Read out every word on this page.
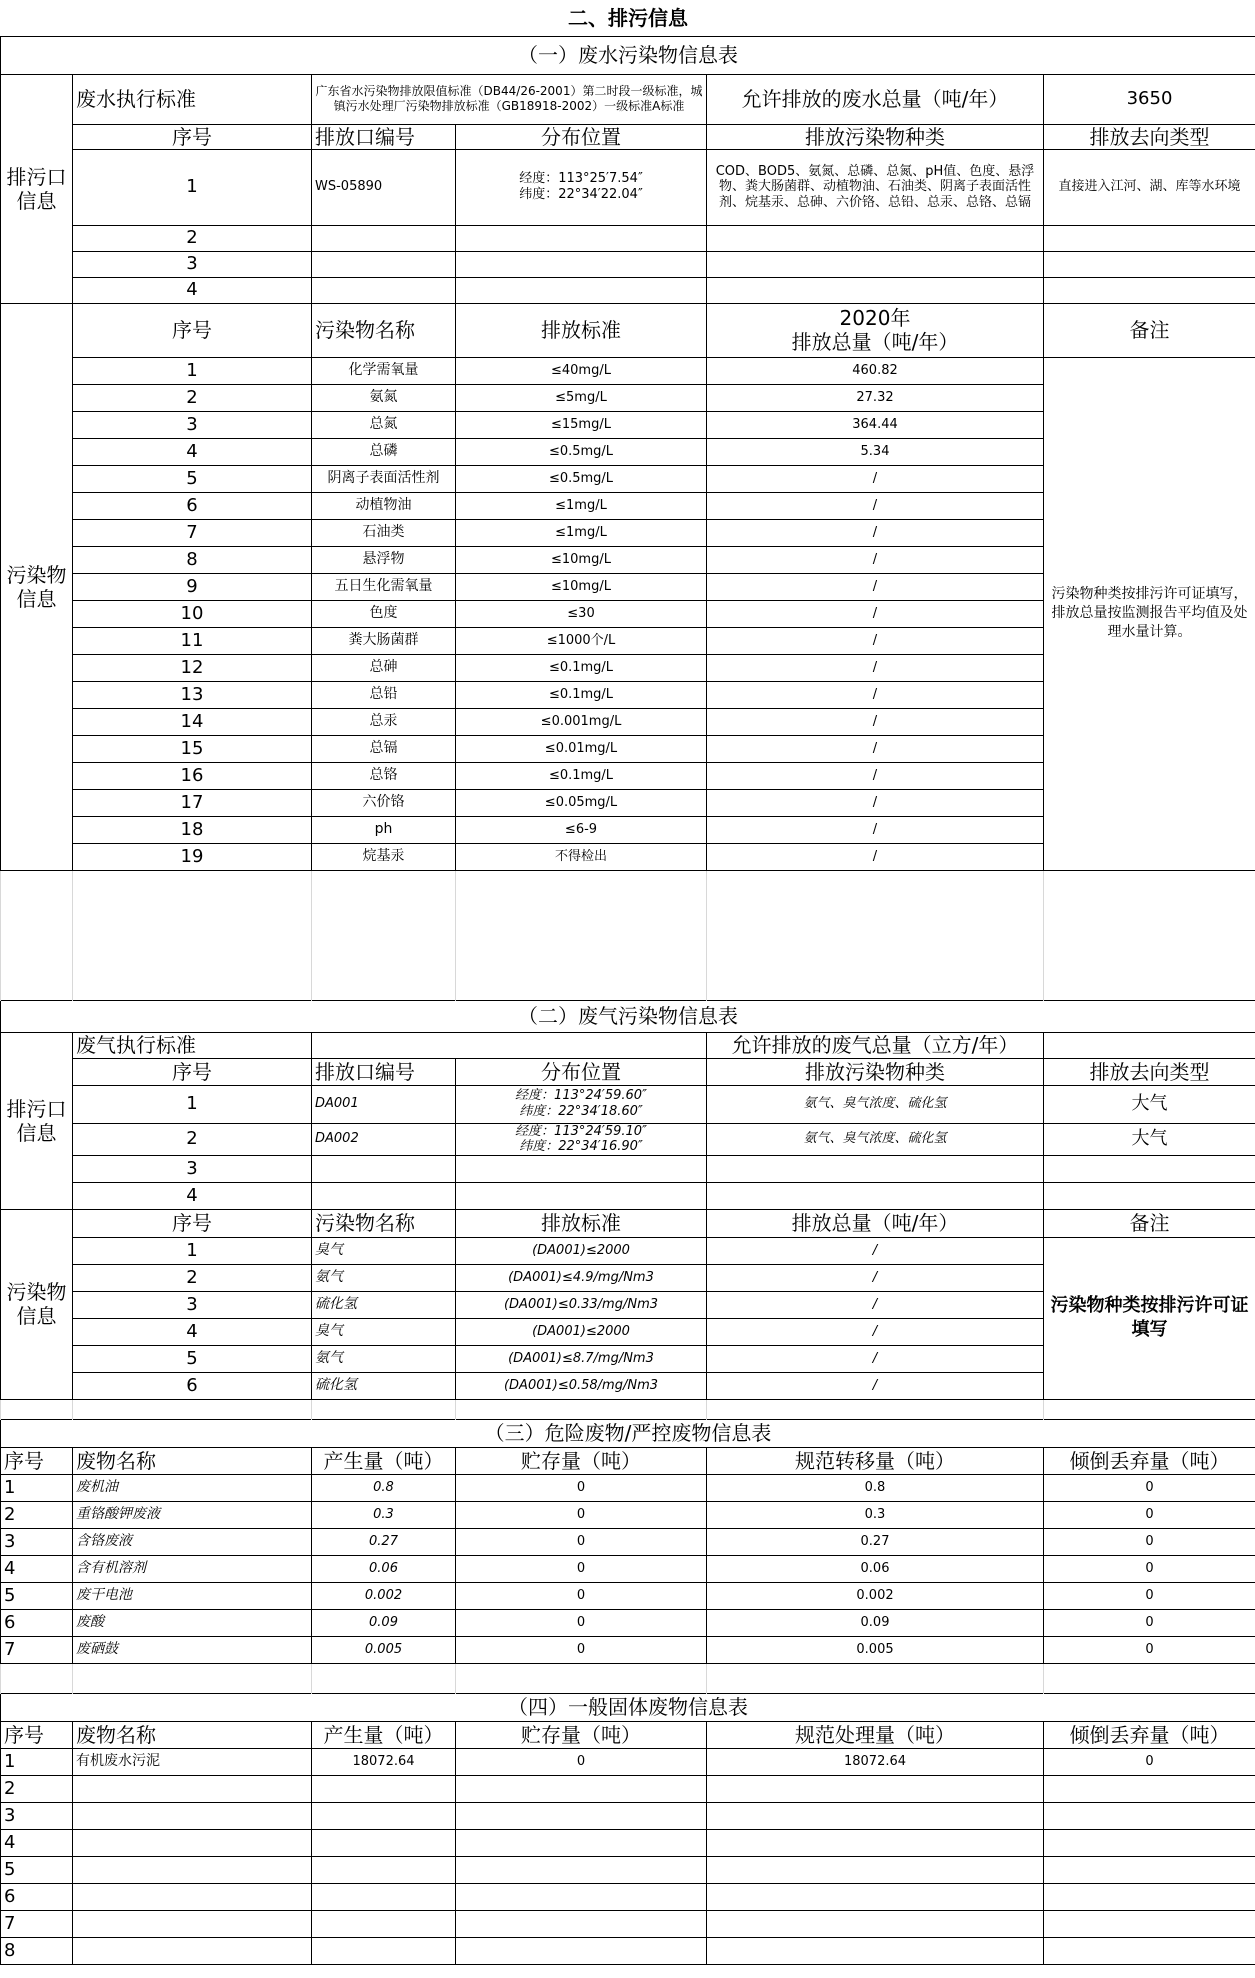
二、排污信息					
（一）废水污染物信息表					
排污口
信息	废水执行标准	广东省水污染物排放限值标准（DB44/26-2001）第二时段一级标准，城镇污水处理厂污染物排放标准（GB18918-2002）一级标准A标准		允许排放的废水总量（吨/年）	3650
	序号	排放口编号	分布位置	排放污染物种类	排放去向类型
	1	WS-05890	经度：113°25′7.54″
纬度：22°34′22.04″	COD、BOD5、氨氮、总磷、总氮、pH值、色度、悬浮物、粪大肠菌群、动植物油、石油类、阴离子表面活性剂、烷基汞、总砷、六价铬、总铅、总汞、总铬、总镉	直接进入江河、湖、库等水环境
	2				
	3				
	4				
污染物
信息	序号	污染物名称	排放标准	2020年
排放总量（吨/年）	备注
	1	化学需氧量	≤40mg/L	460.82	污染物种类按排污许可证填写，排放总量按监测报告平均值及处理水量计算。
	2	氨氮	≤5mg/L	27.32	
	3	总氮	≤15mg/L	364.44	
	4	总磷	≤0.5mg/L	5.34	
	5	阴离子表面活性剂	≤0.5mg/L	/	
	6	动植物油	≤1mg/L	/	
	7	石油类	≤1mg/L	/	
	8	悬浮物	≤10mg/L	/	
	9	五日生化需氧量	≤10mg/L	/	
	10	色度	≤30	/	
	11	粪大肠菌群	≤1000个/L	/	
	12	总砷	≤0.1mg/L	/	
	13	总铅	≤0.1mg/L	/	
	14	总汞	≤0.001mg/L	/	
	15	总镉	≤0.01mg/L	/	
	16	总铬	≤0.1mg/L	/	
	17	六价铬	≤0.05mg/L	/	
	18	ph	≤6-9	/	
	19	烷基汞	不得检出	/	

（二）废气污染物信息表					
排污口
信息	废气执行标准			允许排放的废气总量（立方/年）	
	序号	排放口编号	分布位置	排放污染物种类	排放去向类型
	1	DA001	经度：113°24′59.60″
纬度：22°34′18.60″	氨气、臭气浓度、硫化氢	大气
	2	DA002	经度：113°24′59.10″
纬度：22°34′16.90″	氨气、臭气浓度、硫化氢	大气
	3				
	4				
污染物
信息	序号	污染物名称	排放标准	排放总量（吨/年）	备注
	1	臭气	(DA001)≤2000	/	污染物种类按排污许可证填写
	2	氨气	(DA001)≤4.9/mg/Nm3	/	
	3	硫化氢	(DA001)≤0.33/mg/Nm3	/	
	4	臭气	(DA001)≤2000	/	
	5	氨气	(DA001)≤8.7/mg/Nm3	/	
	6	硫化氢	(DA001)≤0.58/mg/Nm3	/	

（三）危险废物/严控废物信息表					
序号	废物名称	产生量（吨）	贮存量（吨）	规范转移量（吨）	倾倒丢弃量（吨）
1	废机油	0.8	0	0.8	0
2	重铬酸钾废液	0.3	0	0.3	0
3	含铬废液	0.27	0	0.27	0
4	含有机溶剂	0.06	0	0.06	0
5	废干电池	0.002	0	0.002	0
6	废酸	0.09	0	0.09	0
7	废硒鼓	0.005	0	0.005	0

（四）一般固体废物信息表					
序号	废物名称	产生量（吨）	贮存量（吨）	规范处理量（吨）	倾倒丢弃量（吨）
1	有机废水污泥	18072.64	0	18072.64	0
2					
3					
4					
5					
6					
7					
8					
